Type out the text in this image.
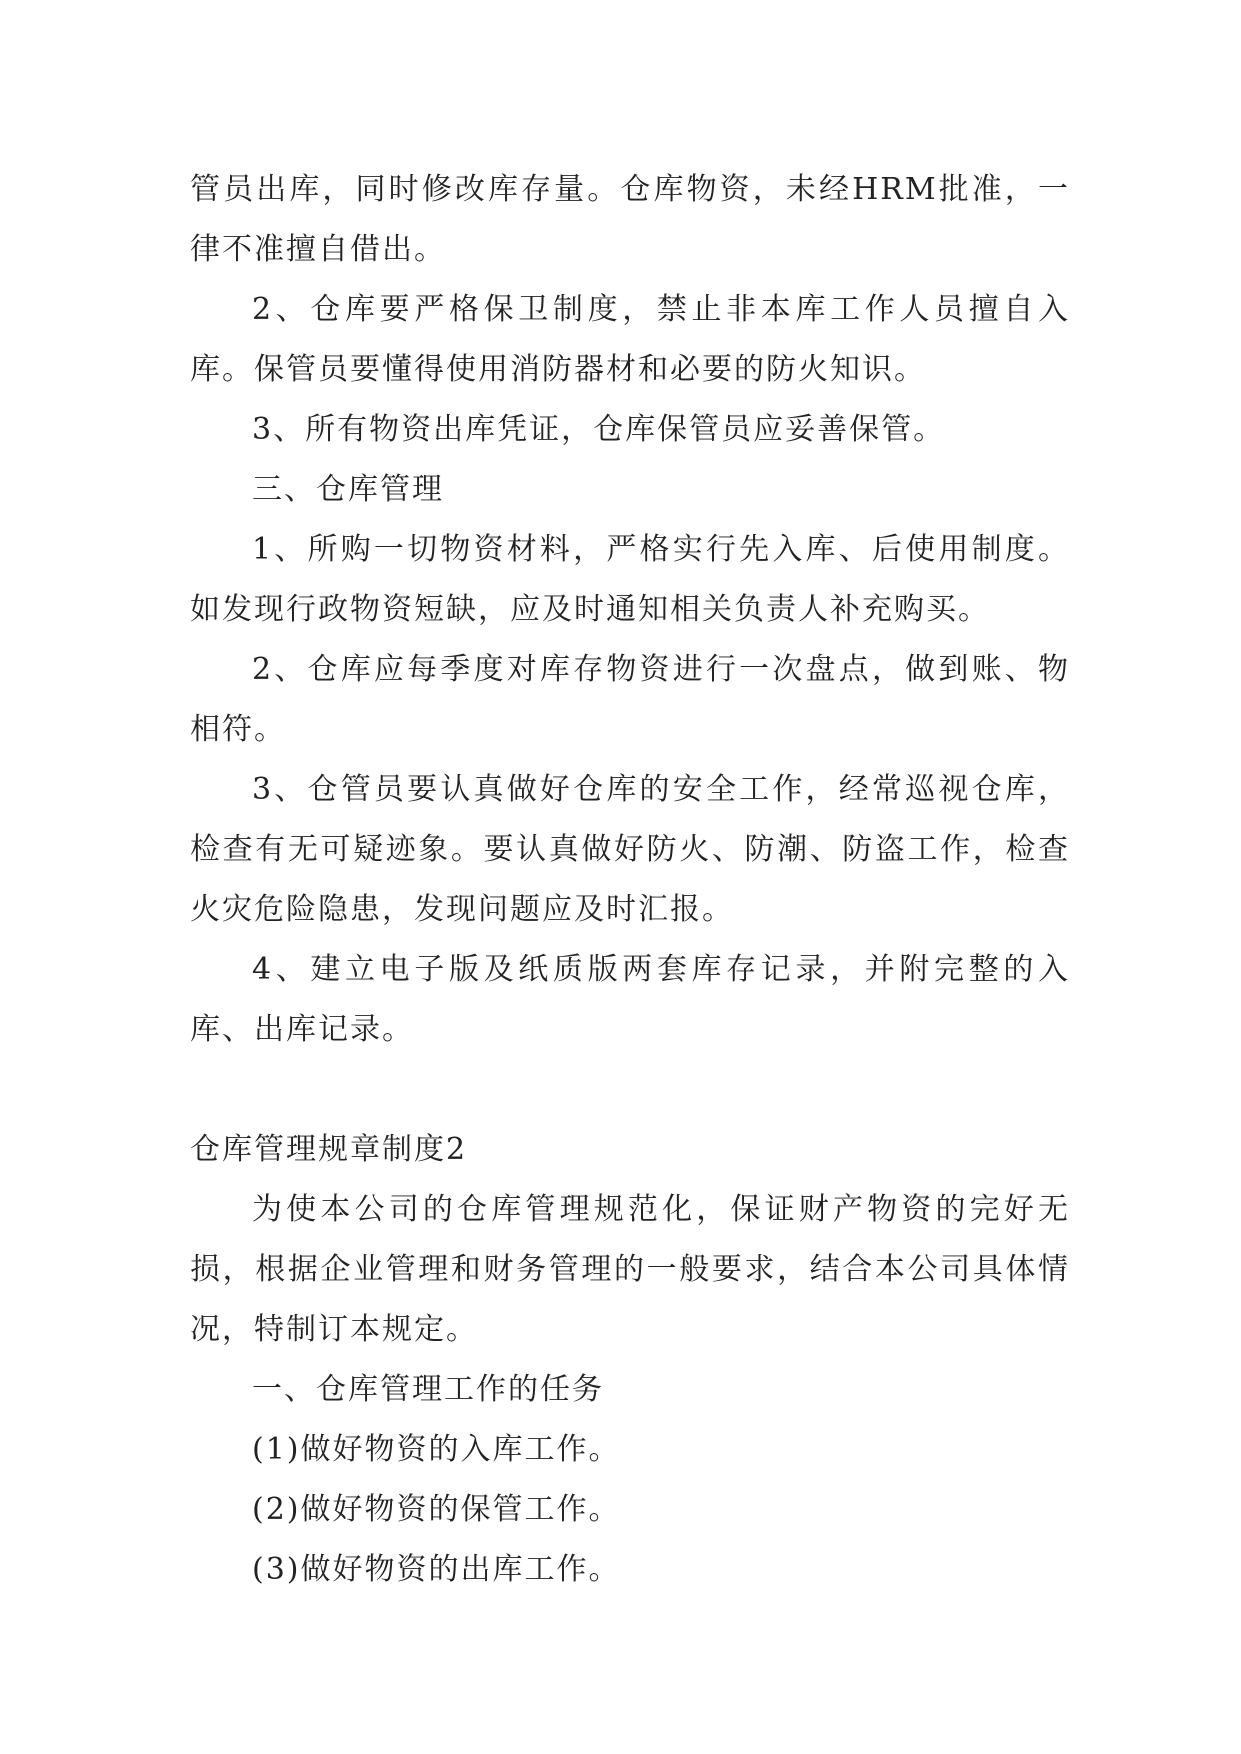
管员出库，同时修改库存量。仓库物资，未经HRM批准，一律不准擅自借出。

2、仓库要严格保卫制度，禁止非本库工作人员擅自入库。保管员要懂得使用消防器材和必要的防火知识。

3、所有物资出库凭证，仓库保管员应妥善保管。

三、仓库管理

1、所购一切物资材料，严格实行先入库、后使用制度。如发现行政物资短缺，应及时通知相关负责人补充购买。

2、仓库应每季度对库存物资进行一次盘点，做到账、物相符。

3、仓管员要认真做好仓库的安全工作，经常巡视仓库，检查有无可疑迹象。要认真做好防火、防潮、防盗工作，检查火灾危险隐患，发现问题应及时汇报。

4、建立电子版及纸质版两套库存记录，并附完整的入库、出库记录。

仓库管理规章制度2

为使本公司的仓库管理规范化，保证财产物资的完好无损，根据企业管理和财务管理的一般要求，结合本公司具体情况，特制订本规定。

一、仓库管理工作的任务

(1)做好物资的入库工作。

(2)做好物资的保管工作。

(3)做好物资的出库工作。
